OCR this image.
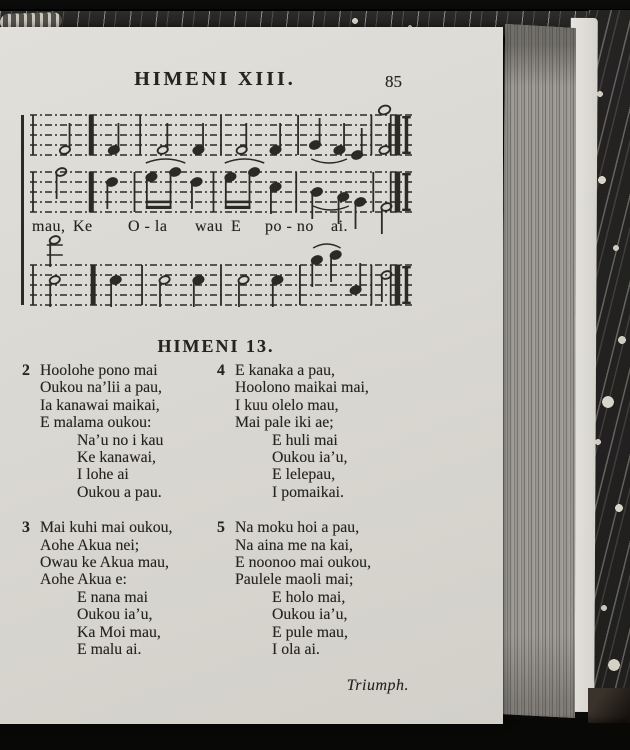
HIMENI XIII.	85
mau, Ke O - la wau E po - no ai.
HIMENI 13.
2 Hoolohe pono mai
Oukou na’lii a pau,
Ia kanawai maikai,
E malama oukou:
Na’u no i kau
Ke kanawai,
I lohe ai
Oukou a pau.
3 Mai kuhi mai oukou,
Aohe Akua nei;
Owau ke Akua mau,
Aohe Akua e:
E nana mai
Oukou ia’u,
Ka Moi mau,
E malu ai.
4 E kanaka a pau,
Hoolono maikai mai,
I kuu olelo mau,
Mai pale iki ae;
E huli mai
Oukou ia’u,
E lelepau,
I pomaikai.
5 Na moku hoi a pau,
Na aina me na kai,
E noonoo mai oukou,
Paulele maoli mai;
E holo mai,
Oukou ia’u,
E pule mau,
I ola ai.
Triumph.
